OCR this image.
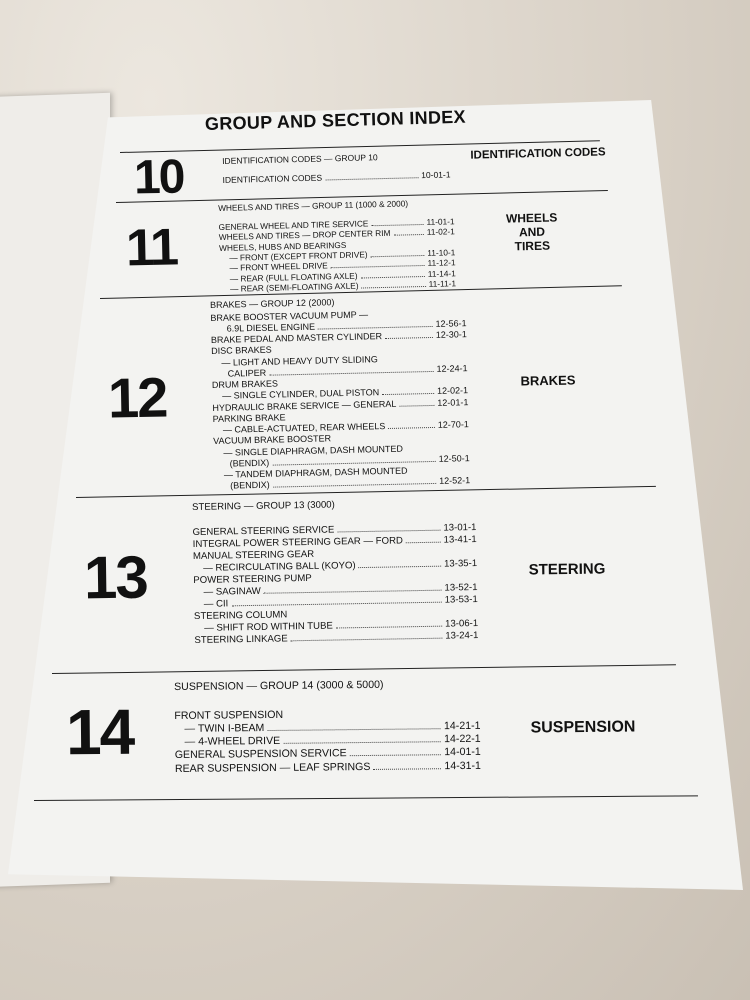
GROUP AND SECTION INDEX
10	IDENTIFICATION CODES — GROUP 10
IDENTIFICATION CODES	10-01-1
IDENTIFICATION CODES
11
WHEELS AND TIRES — GROUP 11 (1000 & 2000)
GENERAL WHEEL AND TIRE SERVICE	11-01-1
WHEELS AND TIRES — DROP CENTER RIM	11-02-1
WHEELS, HUBS AND BEARINGS
— FRONT (EXCEPT FRONT DRIVE)	11-10-1
— FRONT WHEEL DRIVE	11-12-1
— REAR (FULL FLOATING AXLE)	11-14-1
— REAR (SEMI-FLOATING AXLE)	11-11-1
WHEELS AND TIRES
12
BRAKES — GROUP 12 (2000)
BRAKE BOOSTER VACUUM PUMP —
6.9L DIESEL ENGINE	12-56-1
BRAKE PEDAL AND MASTER CYLINDER	12-30-1
DISC BRAKES
— LIGHT AND HEAVY DUTY SLIDING
CALIPER	12-24-1
DRUM BRAKES
— SINGLE CYLINDER, DUAL PISTON	12-02-1
HYDRAULIC BRAKE SERVICE — GENERAL	12-01-1
PARKING BRAKE
— CABLE-ACTUATED, REAR WHEELS	12-70-1
VACUUM BRAKE BOOSTER
— SINGLE DIAPHRAGM, DASH MOUNTED
(BENDIX)	12-50-1
— TANDEM DIAPHRAGM, DASH MOUNTED
(BENDIX)	12-52-1
BRAKES
13
STEERING — GROUP 13 (3000)
GENERAL STEERING SERVICE	13-01-1
INTEGRAL POWER STEERING GEAR — FORD	13-41-1
MANUAL STEERING GEAR
— RECIRCULATING BALL (KOYO)	13-35-1
POWER STEERING PUMP
— SAGINAW	13-52-1
— CII	13-53-1
STEERING COLUMN
— SHIFT ROD WITHIN TUBE	13-06-1
STEERING LINKAGE	13-24-1
STEERING
14
SUSPENSION — GROUP 14 (3000 & 5000)
FRONT SUSPENSION
— TWIN I-BEAM	14-21-1
— 4-WHEEL DRIVE	14-22-1
GENERAL SUSPENSION SERVICE	14-01-1
REAR SUSPENSION — LEAF SPRINGS	14-31-1
SUSPENSION
